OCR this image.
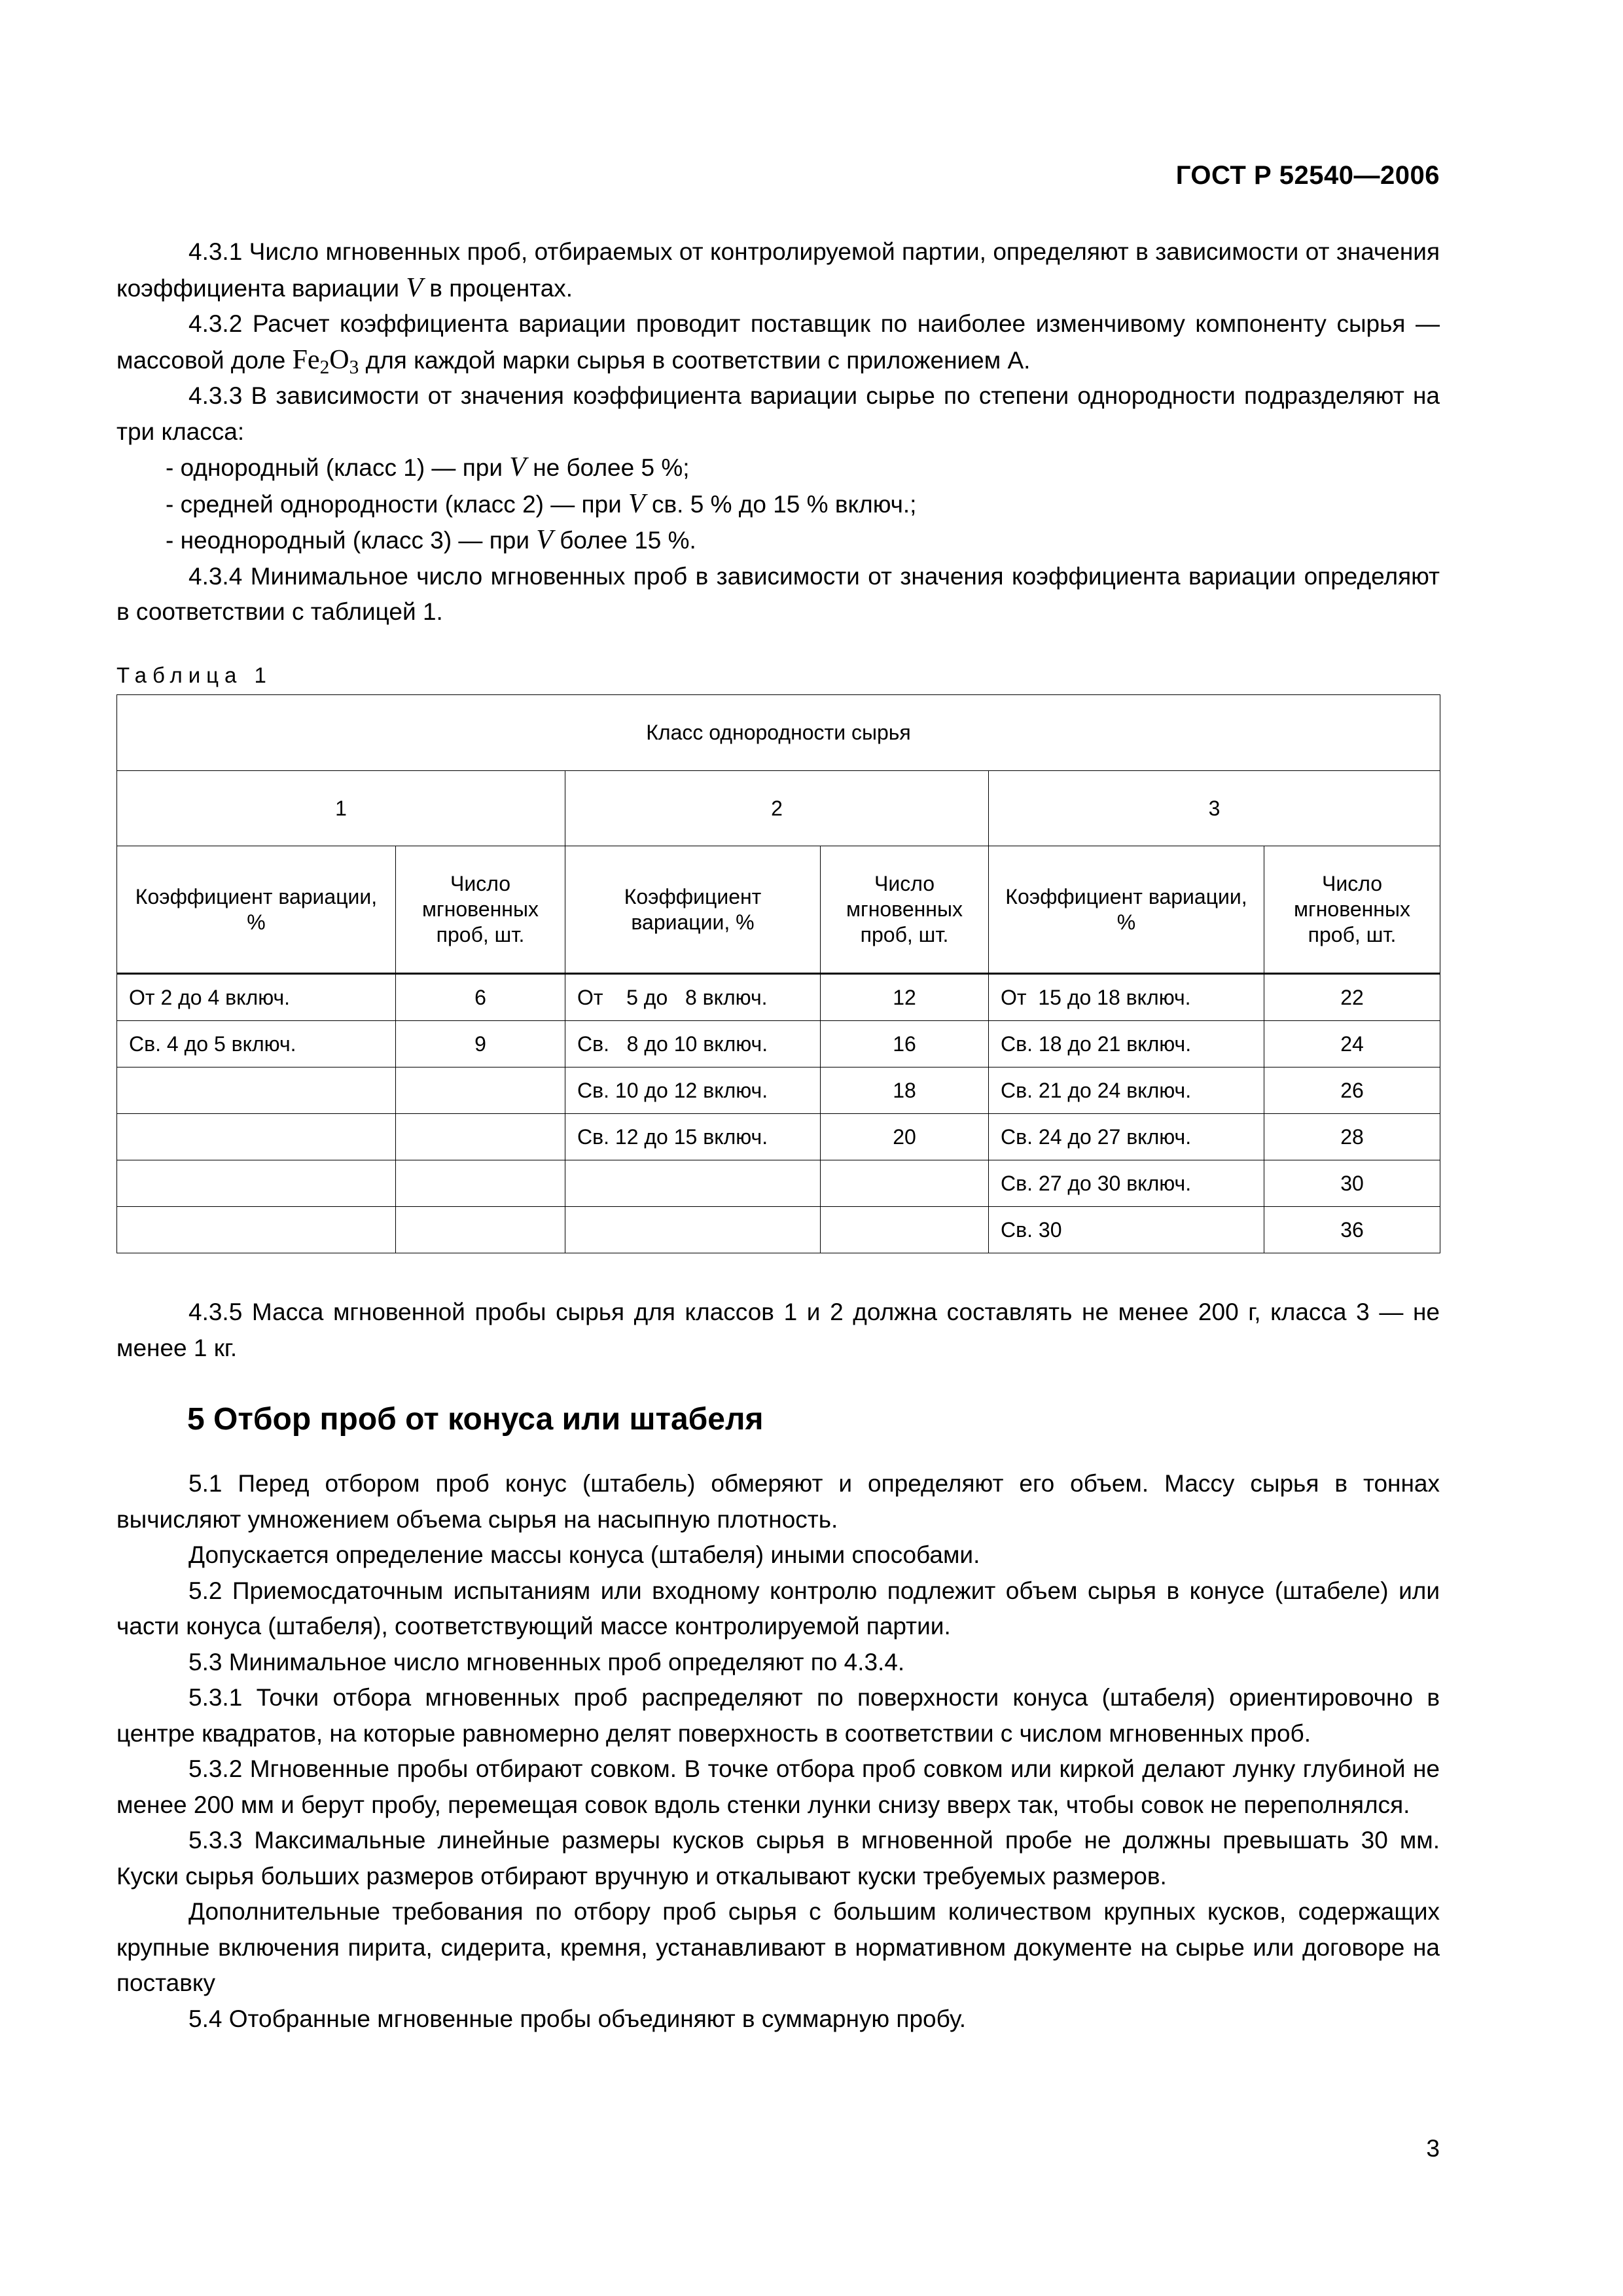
ГОСТ Р 52540—2006

4.3.1 Число мгновенных проб, отбираемых от контролируемой партии, определяют в зависимости от значения коэффициента вариации V в процентах.

4.3.2 Расчет коэффициента вариации проводит поставщик по наиболее изменчивому компоненту сырья — массовой доле $Fe_2O_3$ для каждой марки сырья в соответствии с приложением А.

4.3.3 В зависимости от значения коэффициента вариации сырье по степени однородности подразделяют на три класса:

- однородный (класс 1) — при V не более 5 %;

- средней однородности (класс 2) — при V св. 5 % до 15 % включ.;

- неоднородный (класс 3) — при V более 15 %.

4.3.4 Минимальное число мгновенных проб в зависимости от значения коэффициента вариации определяют в соответствии с таблицей 1.

Таблица 1
Класс однородности сырья					
1		2		3	
Коэффициент вариации, %	Число мгновенных проб, шт.	Коэффициент вариации, %	Число мгновенных проб, шт.	Коэффициент вариации, %	Число мгновенных проб, шт.
От 2 до 4 включ.	6	От    5 до   8 включ.	12	От  15 до 18 включ.	22
Св. 4 до 5 включ.	9	Св.   8 до 10 включ.	16	Св. 18 до 21 включ.	24
		Св. 10 до 12 включ.	18	Св. 21 до 24 включ.	26
		Св. 12 до 15 включ.	20	Св. 24 до 27 включ.	28
				Св. 27 до 30 включ.	30
				Св. 30	36

4.3.5 Масса мгновенной пробы сырья для классов 1 и 2 должна составлять не менее 200 г, класса 3 — не менее 1 кг.

5 Отбор проб от конуса или штабеля

5.1 Перед отбором проб конус (штабель) обмеряют и определяют его объем. Массу сырья в тоннах вычисляют умножением объема сырья на насыпную плотность.

Допускается определение массы конуса (штабеля) иными способами.

5.2 Приемосдаточным испытаниям или входному контролю подлежит объем сырья в конусе (штабеле) или части конуса (штабеля), соответствующий массе контролируемой партии.

5.3 Минимальное число мгновенных проб определяют по 4.3.4.

5.3.1 Точки отбора мгновенных проб распределяют по поверхности конуса (штабеля) ориентировочно в центре квадратов, на которые равномерно делят поверхность в соответствии с числом мгновенных проб.

5.3.2 Мгновенные пробы отбирают совком. В точке отбора проб совком или киркой делают лунку глубиной не менее 200 мм и берут пробу, перемещая совок вдоль стенки лунки снизу вверх так, чтобы совок не переполнялся.

5.3.3 Максимальные линейные размеры кусков сырья в мгновенной пробе не должны превышать 30 мм. Куски сырья больших размеров отбирают вручную и откалывают куски требуемых размеров.

Дополнительные требования по отбору проб сырья с большим количеством крупных кусков, содержащих крупные включения пирита, сидерита, кремня, устанавливают в нормативном документе на сырье или договоре на поставку

5.4 Отобранные мгновенные пробы объединяют в суммарную пробу.

3
